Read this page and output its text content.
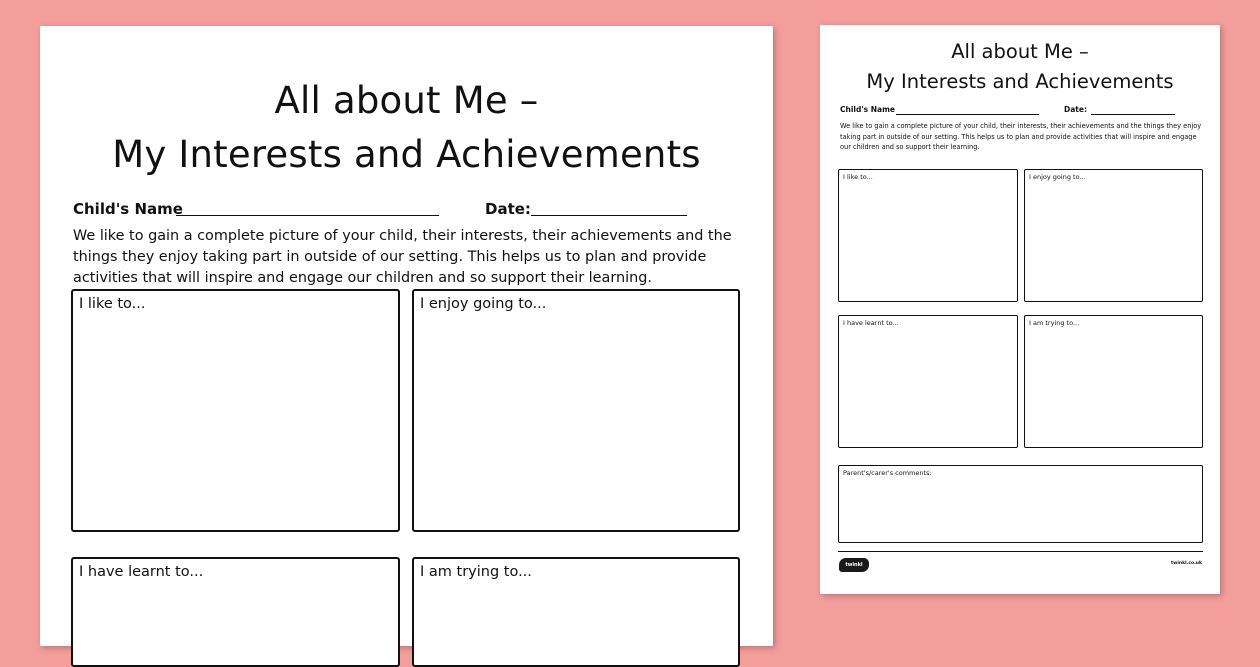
All about Me –
My Interests and Achievements
Child's Name	Date:
We like to gain a complete picture of your child, their interests, their achievements and the things they enjoy taking part in outside of our setting. This helps us to plan and provide activities that will inspire and engage our children and so support their learning.
I like to...	I enjoy going to...
I have learnt to...	I am trying to...
All about Me –
My Interests and Achievements
Child's Name	Date:
We like to gain a complete picture of your child, their interests, their achievements and the things they enjoy taking part in outside of our setting. This helps us to plan and provide activities that will inspire and engage our children and so support their learning.
I like to...	I enjoy going to...
I have learnt to...	I am trying to...
Parent's/carer's comments:
twinkl	twinkl.co.uk
